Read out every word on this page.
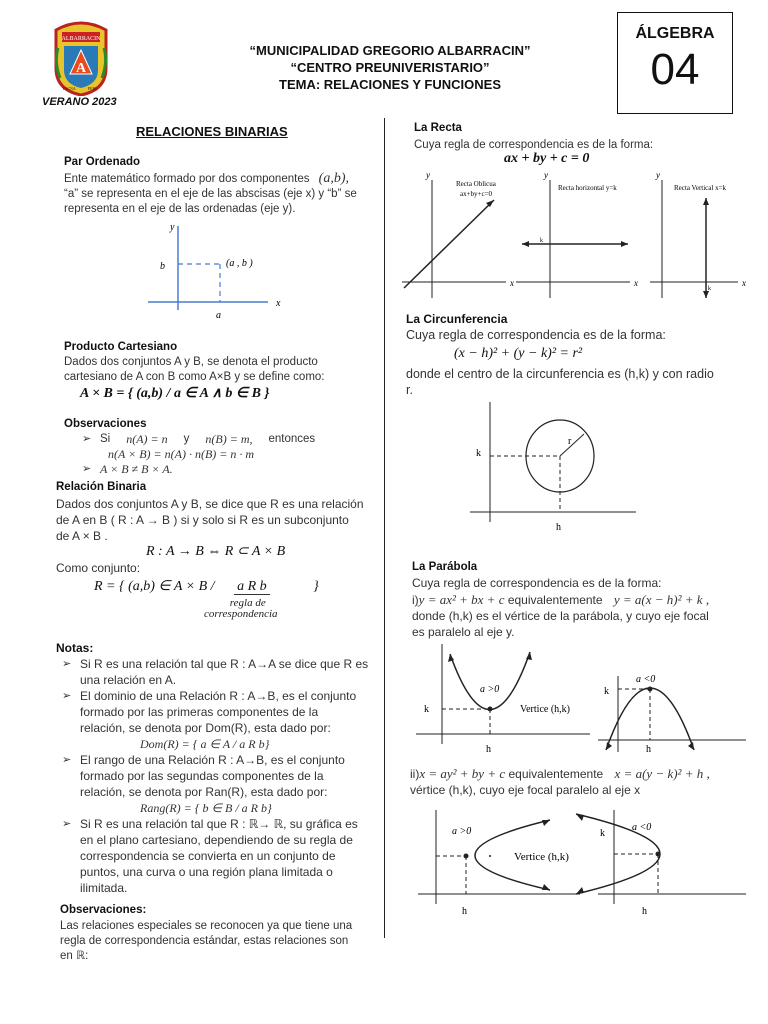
ALBARRACIN
A
TACNA	PERU
VERANO 2023
“MUNICIPALIDAD GREGORIO ALBARRACIN”
“CENTRO PREUNIVERISTARIO”
TEMA: RELACIONES Y FUNCIONES
ÁLGEBRA
04
RELACIONES BINARIAS
Par Ordenado
Ente matemático formado por dos componentes (a,b),
“a” se representa en el eje de las abscisas (eje x) y “b” se
representa en el eje de las ordenadas (eje y).
y
x
b
a
(a , b )
Producto Cartesiano
Dados dos conjuntos A y B, se denota el producto
cartesiano de A con B como A×B y se define como:
A × B = { (a,b) / a ∈ A ∧ b ∈ B }
Observaciones
➢ Si n(A) = n y n(B) = m, entonces
n(A × B) = n(A) · n(B) = n · m
➢ A × B ≠ B × A.
Relación Binaria
Dados dos conjuntos A y B, se dice que R es una relación
de A en B ( R : A → B ) si y solo si R es un subconjunto
de A × B .
R : A → B ⇔ R ⊂ A × B
Como conjunto:
R = { (a,b) ∈ A × B / a R b	}
regla de
correspondencia
Notas:
➢ Si R es una relación tal que R : A→A se dice que R es
una relación en A.
➢ El dominio de una Relación R : A→B, es el conjunto
formado por las primeras componentes de la
relación, se denota por Dom(R), esta dado por:
Dom(R) = { a ∈ A / a R b}
➢ El rango de una Relación R : A→B, es el conjunto
formado por las segundas componentes de la
relación, se denota por Ran(R), esta dado por:
Rang(R) = { b ∈ B / a R b}
➢ Si R es una relación tal que R : ℝ→ ℝ, su gráfica es
en el plano cartesiano, dependiendo de su regla de
correspondencia se convierta en un conjunto de
puntos, una curva o una región plana limitada o
ilimitada.
Observaciones:
Las relaciones especiales se reconocen ya que tiene una
regla de correspondencia estándar, estas relaciones son
en ℝ:
La Recta
Cuya regla de correspondencia es de la forma:
ax + by + c = 0
y
x
Recta Oblicua
ax+by+c=0
y
x
k
Recta horizontal y=k
y
x
k
Recta Vertical x=k
La Circunferencia
Cuya regla de correspondencia es de la forma:
(x − h)² + (y − k)² = r²
donde el centro de la circunferencia es (h,k) y con radio
r.
k
h
r
La Parábola
Cuya regla de correspondencia es de la forma:
i)y = ax² + bx + c equivalentemente y = a(x − h)² + k ,
donde (h,k) es el vértice de la parábola, y cuyo eje focal
es paralelo al eje y.
k
h
a >0
Vertice (h,k)
k
h
a <0
ii)x = ay² + by + c equivalentemente x = a(y − k)² + h ,
vértice (h,k), cuyo eje focal paralelo al eje x
h
a >0
Vertice (h,k)
k
h
a <0
